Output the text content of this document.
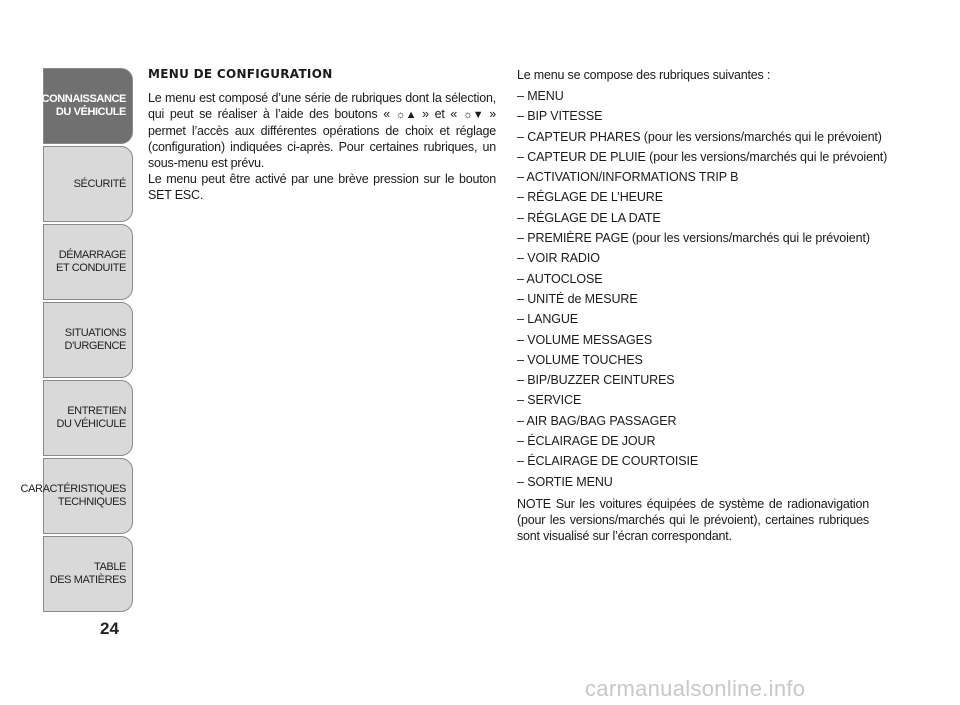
CONNAISSANCE
DU VÉHICULE
SÉCURITÉ
DÉMARRAGE
ET CONDUITE
SITUATIONS
D'URGENCE
ENTRETIEN
DU VÉHICULE
CARACTÉRISTIQUES
TECHNIQUES
TABLE
DES MATIÈRES
24
MENU DE CONFIGURATION

Le menu est composé d’une série de rubriques dont la sélection, qui peut se réaliser à l’aide des boutons « ☼▲ » et « ☼▼ » permet l’accès aux différentes opérations de choix et réglage (configuration) indiquées ci-après. Pour certaines rubriques, un sous-menu est prévu.

Le menu peut être activé par une brève pression sur le bouton SET ESC.

Le menu se compose des rubriques suivantes :

– MENU
– BIP VITESSE
– CAPTEUR PHARES (pour les versions/marchés qui le prévoient)
– CAPTEUR DE PLUIE (pour les versions/marchés qui le prévoient)
– ACTIVATION/INFORMATIONS TRIP B
– RÉGLAGE DE L’HEURE
– RÉGLAGE DE LA DATE
– PREMIÈRE PAGE (pour les versions/marchés qui le prévoient)
– VOIR RADIO
– AUTOCLOSE
– UNITÉ de MESURE
– LANGUE
– VOLUME MESSAGES
– VOLUME TOUCHES
– BIP/BUZZER CEINTURES
– SERVICE
– AIR BAG/BAG PASSAGER
– ÉCLAIRAGE DE JOUR
– ÉCLAIRAGE DE COURTOISIE
– SORTIE MENU

NOTE Sur les voitures équipées de système de radionavigation (pour les versions/marchés qui le prévoient), certaines rubriques sont visualisé sur l’écran correspondant.

carmanualsonline.info
